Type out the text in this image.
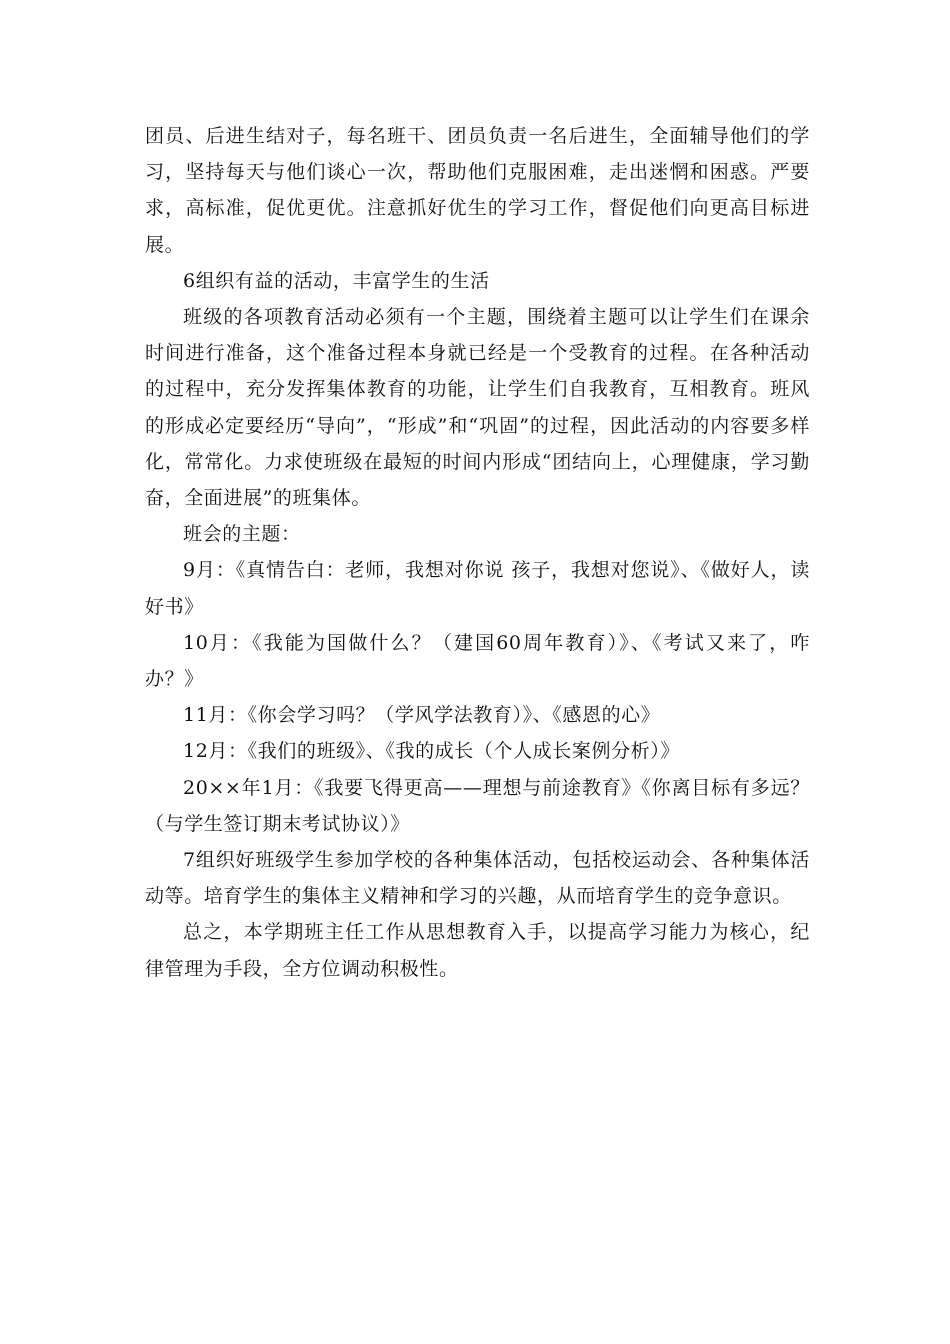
团员、后进生结对子，每名班干、团员负责一名后进生，全面辅导他们的学习，坚持每天与他们谈心一次，帮助他们克服困难，走出迷惘和困惑。严要求，高标准，促优更优。注意抓好优生的学习工作，督促他们向更高目标进展。

6组织有益的活动，丰富学生的生活

班级的各项教育活动必须有一个主题，围绕着主题可以让学生们在课余时间进行准备，这个准备过程本身就已经是一个受教育的过程。在各种活动的过程中，充分发挥集体教育的功能，让学生们自我教育，互相教育。班风的形成必定要经历“导向”，“形成”和“巩固”的过程，因此活动的内容要多样化，常常化。力求使班级在最短的时间内形成“团结向上，心理健康，学习勤奋，全面进展”的班集体。

班会的主题：

9月：《真情告白：老师，我想对你说 孩子，我想对您说》、《做好人，读好书》

10月：《我能为国做什么？（建国60周年教育）》、《考试又来了，咋办？》

11月：《你会学习吗？（学风学法教育）》、《感恩的心》

12月：《我们的班级》、《我的成长（个人成长案例分析）》

20××年1月：《我要飞得更高——理想与前途教育》《你离目标有多远？（与学生签订期末考试协议）》

7组织好班级学生参加学校的各种集体活动，包括校运动会、各种集体活动等。培育学生的集体主义精神和学习的兴趣，从而培育学生的竞争意识。

总之，本学期班主任工作从思想教育入手，以提高学习能力为核心，纪律管理为手段，全方位调动积极性。
